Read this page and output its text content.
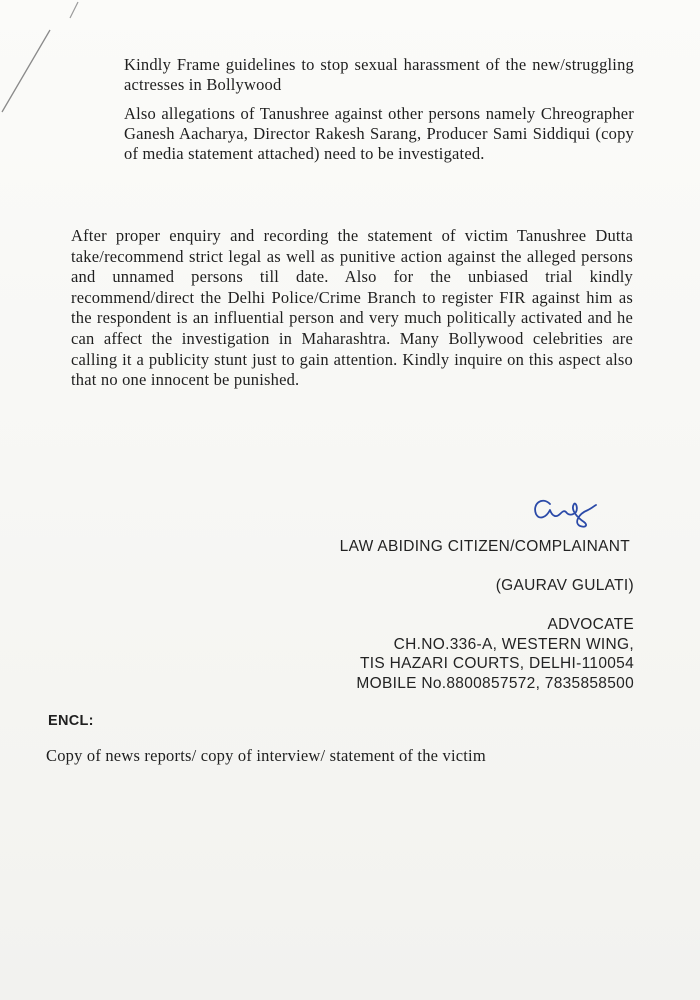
Kindly Frame guidelines to stop sexual harassment of the new/struggling actresses in Bollywood
Also allegations of Tanushree against other persons namely Chreographer Ganesh Aacharya, Director Rakesh Sarang, Producer Sami Siddiqui (copy of media statement attached) need to be investigated.
After proper enquiry and recording the statement of victim Tanushree Dutta take/recommend strict legal as well as punitive action against the alleged persons and unnamed persons till date. Also for the unbiased trial kindly recommend/direct the Delhi Police/Crime Branch to register FIR against him as the respondent is an influential person and very much politically activated and he can affect the investigation in Maharashtra. Many Bollywood celebrities are calling it a publicity stunt just to gain attention. Kindly inquire on this aspect also that no one innocent be punished.
LAW ABIDING CITIZEN/COMPLAINANT
(GAURAV GULATI)
ADVOCATE
CH.NO.336-A, WESTERN WING,
TIS HAZARI COURTS, DELHI-110054
MOBILE No.8800857572, 7835858500
ENCL:
Copy of news reports/ copy of interview/ statement of the victim
